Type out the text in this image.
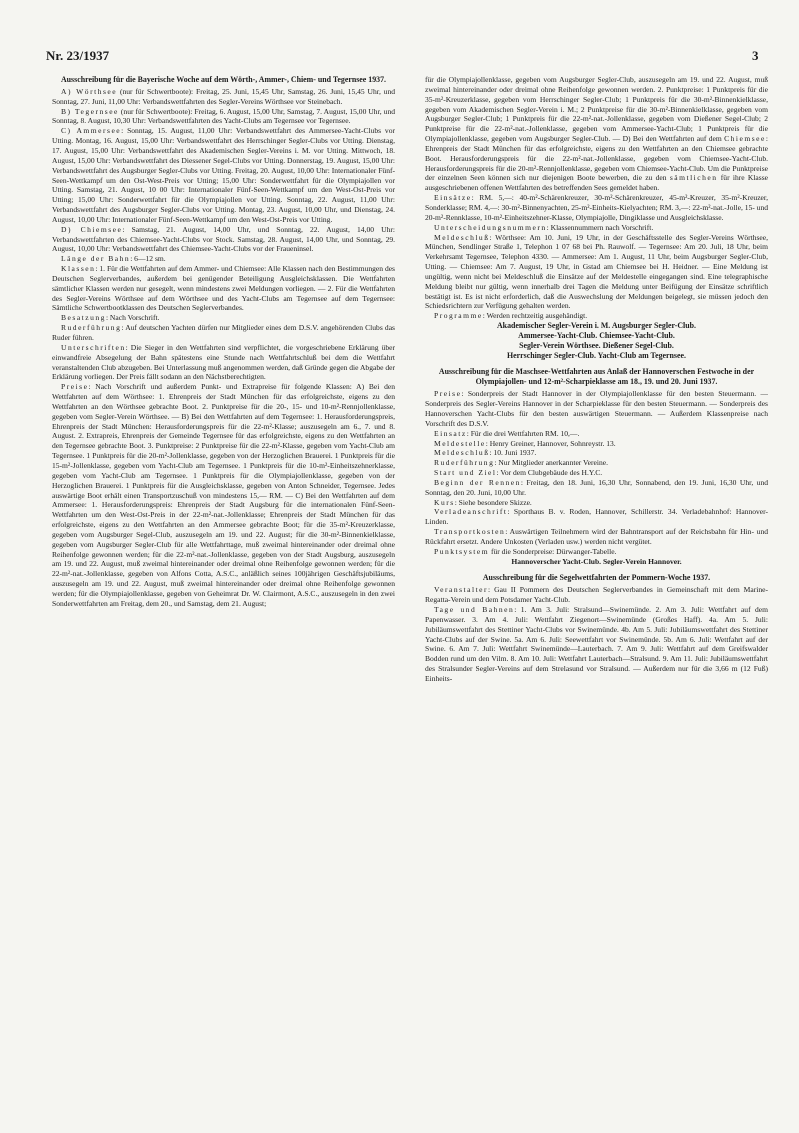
Nr. 23/1937	3
Ausschreibung für die Bayerische Woche auf dem Wörth-, Ammer-, Chiem- und Tegernsee 1937.

A) Wörthsee (nur für Schwertboote): Freitag, 25. Juni, 15,45 Uhr, Samstag, 26. Juni, 15,45 Uhr, und Sonntag, 27. Juni, 11,00 Uhr: Verbandswettfahrten des Segler-Vereins Wörthsee vor Steinebach.

B) Tegernsee (nur für Schwertboote): Freitag, 6. August, 15,00 Uhr, Samstag, 7. August, 15,00 Uhr, und Sonntag, 8. August, 10,30 Uhr: Verbandswettfahrten des Yacht-Clubs am Tegernsee vor Tegernsee.

C) Ammersee: Sonntag, 15. August, 11,00 Uhr: Verbandswettfahrt des Ammersee-Yacht-Clubs vor Utting. Montag, 16. August, 15,00 Uhr: Verbandswettfahrt des Herrschinger Segler-Clubs vor Utting. Dienstag, 17. August, 15,00 Uhr: Verbandswettfahrt des Akademischen Segler-Vereins i. M. vor Utting. Mittwoch, 18. August, 15,00 Uhr: Verbandswettfahrt des Diessener Segel-Clubs vor Utting. Donnerstag, 19. August, 15,00 Uhr: Verbandswettfahrt des Augsburger Segler-Clubs vor Utting. Freitag, 20. August, 10,00 Uhr: Internationaler Fünf-Seen-Wettkampf um den Ost-West-Preis vor Utting; 15,00 Uhr: Sonderwettfahrt für die Olympiajollen vor Utting. Samstag, 21. August, 10 00 Uhr: Internationaler Fünf-Seen-Wettkampf um den West-Ost-Preis vor Utting; 15,00 Uhr: Sonderwettfahrt für die Olympiajollen vor Utting. Sonntag, 22. August, 11,00 Uhr: Verbandswettfahrt des Augsburger Segler-Clubs vor Utting. Montag, 23. August, 10,00 Uhr, und Dienstag, 24. August, 10,00 Uhr: Internationaler Fünf-Seen-Wettkampf um den West-Ost-Preis vor Utting.

D) Chiemsee: Samstag, 21. August, 14,00 Uhr, und Sonntag, 22. August, 14,00 Uhr: Verbandswettfahrten des Chiemsee-Yacht-Clubs vor Stock. Samstag, 28. August, 14,00 Uhr, und Sonntag, 29. August, 10,00 Uhr: Verbandswettfahrt des Chiemsee-Yacht-Clubs vor der Fraueninsel.

Länge der Bahn: 6—12 sm.

Klassen: 1. Für die Wettfahrten auf dem Ammer- und Chiemsee: Alle Klassen nach den Bestimmungen des Deutschen Seglerverbandes, außerdem bei genügender Beteiligung Ausgleichsklassen. Die Wettfahrten sämtlicher Klassen werden nur gesegelt, wenn mindestens zwei Meldungen vorliegen. — 2. Für die Wettfahrten des Segler-Vereins Wörthsee auf dem Wörthsee und des Yacht-Clubs am Tegernsee auf dem Tegernsee: Sämtliche Schwertbootklassen des Deutschen Seglerverbandes.

Besatzung: Nach Vorschrift.

Ruderführung: Auf deutschen Yachten dürfen nur Mitglieder eines dem D.S.V. angehörenden Clubs das Ruder führen.

Unterschriften: Die Sieger in den Wettfahrten sind verpflichtet, die vorgeschriebene Erklärung über einwandfreie Absegelung der Bahn spätestens eine Stunde nach Wettfahrtschluß bei dem die Wettfahrt veranstaltenden Club abzugeben. Bei Unterlassung muß angenommen werden, daß Gründe gegen die Abgabe der Erklärung vorliegen. Der Preis fällt sodann an den Nächstberechtigten.

Preise: Nach Vorschrift und außerdem Punkt- und Extrapreise für folgende Klassen: A) Bei den Wettfahrten auf dem Wörthsee: 1. Ehrenpreis der Stadt München für das erfolgreichste, eigens zu den Wettfahrten an den Wörthsee gebrachte Boot. 2. Punktpreise für die 20-, 15- und 10-m²-Rennjollenklasse, gegeben vom Segler-Verein Wörthsee. — B) Bei den Wettfahrten auf dem Tegernsee: 1. Herausforderungspreis, Ehrenpreis der Stadt München: Herausforderungspreis für die 22-m²-Klasse; auszusegeln am 6., 7. und 8. August. 2. Extrapreis, Ehrenpreis der Gemeinde Tegernsee für das erfolgreichste, eigens zu den Wettfahrten an den Tegernsee gebrachte Boot. 3. Punktpreise: 2 Punktpreise für die 22-m²-Klasse, gegeben vom Yacht-Club am Tegernsee. 1 Punktpreis für die 20-m²-Jollenklasse, gegeben von der Herzoglichen Brauerei. 1 Punktpreis für die 15-m²-Jollenklasse, gegeben vom Yacht-Club am Tegernsee. 1 Punktpreis für die 10-m²-Einheitszehnerklasse, gegeben vom Yacht-Club am Tegernsee. 1 Punktpreis für die Olympiajollenklasse, gegeben von der Herzoglichen Brauerei. 1 Punktpreis für die Ausgleichsklasse, gegeben von Anton Schneider, Tegernsee. Jedes auswärtige Boot erhält einen Transportzuschuß von mindestens 15,— RM. — C) Bei den Wettfahrten auf dem Ammersee: 1. Herausforderungspreis: Ehrenpreis der Stadt Augsburg für die internationalen Fünf-Seen-Wettfahrten um den West-Ost-Preis in der 22-m²-nat.-Jollenklasse; Ehrenpreis der Stadt München für das erfolgreichste, eigens zu den Wettfahrten an den Ammersee gebrachte Boot; für die 35-m²-Kreuzerklasse, gegeben vom Augsburger Segel-Club, auszusegeln am 19. und 22. August; für die 30-m²-Binnenkielklasse, gegeben vom Augsburger Segler-Club für alle Wettfahrttage, muß zweimal hintereinander oder dreimal ohne Reihenfolge gewonnen werden; für die 22-m²-nat.-Jollenklasse, gegeben von der Stadt Augsburg, auszusegeln am 19. und 22. August, muß zweimal hintereinander oder dreimal ohne Reihenfolge gewonnen werden; für die 22-m²-nat.-Jollenklasse, gegeben von Alfons Cotta, A.S.C., anläßlich seines 100jährigen Geschäftsjubiläums, auszusegeln am 19. und 22. August, muß zweimal hintereinander oder dreimal ohne Reihenfolge gewonnen werden; für die Olympiajollenklasse, gegeben von Geheimrat Dr. W. Clairmont, A.S.C., auszusegeln in den zwei Sonderwettfahrten am Freitag, dem 20., und Samstag, dem 21. August;

für die Olympiajollenklasse, gegeben vom Augsburger Segler-Club, auszusegeln am 19. und 22. August, muß zweimal hintereinander oder dreimal ohne Reihenfolge gewonnen werden. 2. Punktpreise: 1 Punktpreis für die 35-m²-Kreuzerklasse, gegeben vom Herrschinger Segler-Club; 1 Punktpreis für die 30-m²-Binnenkielklasse, gegeben vom Akademischen Segler-Verein i. M.; 2 Punktpreise für die 30-m²-Binnenkielklasse, gegeben vom Augsburger Segler-Club; 1 Punktpreis für die 22-m²-nat.-Jollenklasse, gegeben vom Dießener Segel-Club; 2 Punktpreise für die 22-m²-nat.-Jollenklasse, gegeben vom Ammersee-Yacht-Club; 1 Punktpreis für die Olympiajollenklasse, gegeben vom Augsburger Segler-Club. — D) Bei den Wettfahrten auf dem Chiemsee: Ehrenpreis der Stadt München für das erfolgreichste, eigens zu den Wettfahrten an den Chiemsee gebrachte Boot. Herausforderungspreis für die 22-m²-nat.-Jollenklasse, gegeben vom Chiemsee-Yacht-Club. Herausforderungspreis für die 20-m²-Rennjollenklasse, gegeben vom Chiemsee-Yacht-Club. Um die Punktpreise der einzelnen Seen können sich nur diejenigen Boote bewerben, die zu den sämtlichen für ihre Klasse ausgeschriebenen offenen Wettfahrten des betreffenden Sees gemeldet haben.

Einsätze: RM. 5,—: 40-m²-Schärenkreuzer, 30-m²-Schärenkreuzer, 45-m²-Kreuzer, 35-m²-Kreuzer, Sonderklasse; RM. 4,—: 30-m²-Binnenyachten, 25-m²-Einheits-Kielyachten; RM. 3,—: 22-m²-nat.-Jolle, 15- und 20-m²-Rennklasse, 10-m²-Einheitszehner-Klasse, Olympiajolle, Dingiklasse und Ausgleichsklasse.

Unterscheidungsnummern: Klassennummern nach Vorschrift.

Meldeschluß: Wörthsee: Am 10. Juni, 19 Uhr, in der Geschäftsstelle des Segler-Vereins Wörthsee, München, Sendlinger Straße 1, Telephon 1 07 68 bei Ph. Rauwolf. — Tegernsee: Am 20. Juli, 18 Uhr, beim Verkehrsamt Tegernsee, Telephon 4330. — Ammersee: Am 1. August, 11 Uhr, beim Augsburger Segler-Club, Utting. — Chiemsee: Am 7. August, 19 Uhr, in Gstad am Chiemsee bei H. Heidner. — Eine Meldung ist ungültig, wenn nicht bei Meldeschluß die Einsätze auf der Meldestelle eingegangen sind. Eine telegraphische Meldung bleibt nur gültig, wenn innerhalb drei Tagen die Meldung unter Beifügung der Einsätze schriftlich bestätigt ist. Es ist nicht erforderlich, daß die Auswechslung der Meldungen beigelegt, sie müssen jedoch den Schiedsrichtern zur Verfügung gehalten werden.

Programme: Werden rechtzeitig ausgehändigt.

Akademischer Segler-Verein i. M. Augsburger Segler-Club.

Ammersee-Yacht-Club. Chiemsee-Yacht-Club.

Segler-Verein Wörthsee. Dießener Segel-Club.

Herrschinger Segler-Club. Yacht-Club am Tegernsee.

Ausschreibung für die Maschsee-Wettfahrten aus Anlaß der Hannoverschen Festwoche in der Olympiajollen- und 12-m²-Scharpieklasse am 18., 19. und 20. Juni 1937.

Preise: Sonderpreis der Stadt Hannover in der Olympiajollenklasse für den besten Steuermann. — Sonderpreis des Segler-Vereins Hannover in der Scharpieklasse für den besten Steuermann. — Sonderpreis des Hannoverschen Yacht-Clubs für den besten auswärtigen Steuermann. — Außerdem Klassenpreise nach Vorschrift des D.S.V.

Einsatz: Für die drei Wettfahrten RM. 10,—.

Meldestelle: Henry Greiner, Hannover, Sohnreystr. 13.

Meldeschluß: 10. Juni 1937.

Ruderführung: Nur Mitglieder anerkannter Vereine.

Start und Ziel: Vor dem Clubgebäude des H.Y.C.

Beginn der Rennen: Freitag, den 18. Juni, 16,30 Uhr, Sonnabend, den 19. Juni, 16,30 Uhr, und Sonntag, den 20. Juni, 10,00 Uhr.

Kurs: Siehe besondere Skizze.

Verladeanschrift: Sporthaus B. v. Roden, Hannover, Schillerstr. 34. Verladebahnhof: Hannover-Linden.

Transportkosten: Auswärtigen Teilnehmern wird der Bahntransport auf der Reichsbahn für Hin- und Rückfahrt ersetzt. Andere Unkosten (Verladen usw.) werden nicht vergütet.

Punktsystem für die Sonderpreise: Dürwanger-Tabelle.

Hannoverscher Yacht-Club. Segler-Verein Hannover.

Ausschreibung für die Segelwettfahrten der Pommern-Woche 1937.

Veranstalter: Gau II Pommern des Deutschen Seglerverbandes in Gemeinschaft mit dem Marine-Regatta-Verein und dem Potsdamer Yacht-Club.

Tage und Bahnen: 1. Am 3. Juli: Stralsund—Swinemünde. 2. Am 3. Juli: Wettfahrt auf dem Papenwasser. 3. Am 4. Juli: Wettfahrt Ziegenort—Swinemünde (Großes Haff). 4a. Am 5. Juli: Jubiläumswettfahrt des Stettiner Yacht-Clubs vor Swinemünde. 4b. Am 5. Juli: Jubiläumswettfahrt des Stettiner Yacht-Clubs auf der Swine. 5a. Am 6. Juli: Seewettfahrt vor Swinemünde. 5b. Am 6. Juli: Wettfahrt auf der Swine. 6. Am 7. Juli: Wettfahrt Swinemünde—Lauterbach. 7. Am 9. Juli: Wettfahrt auf dem Greifswalder Bodden rund um den Vilm. 8. Am 10. Juli: Wettfahrt Lauterbach—Stralsund. 9. Am 11. Juli: Jubiläumswettfahrt des Stralsunder Segler-Vereins auf dem Strelasund vor Stralsund. — Außerdem nur für die 3,66 m (12 Fuß) Einheits-
